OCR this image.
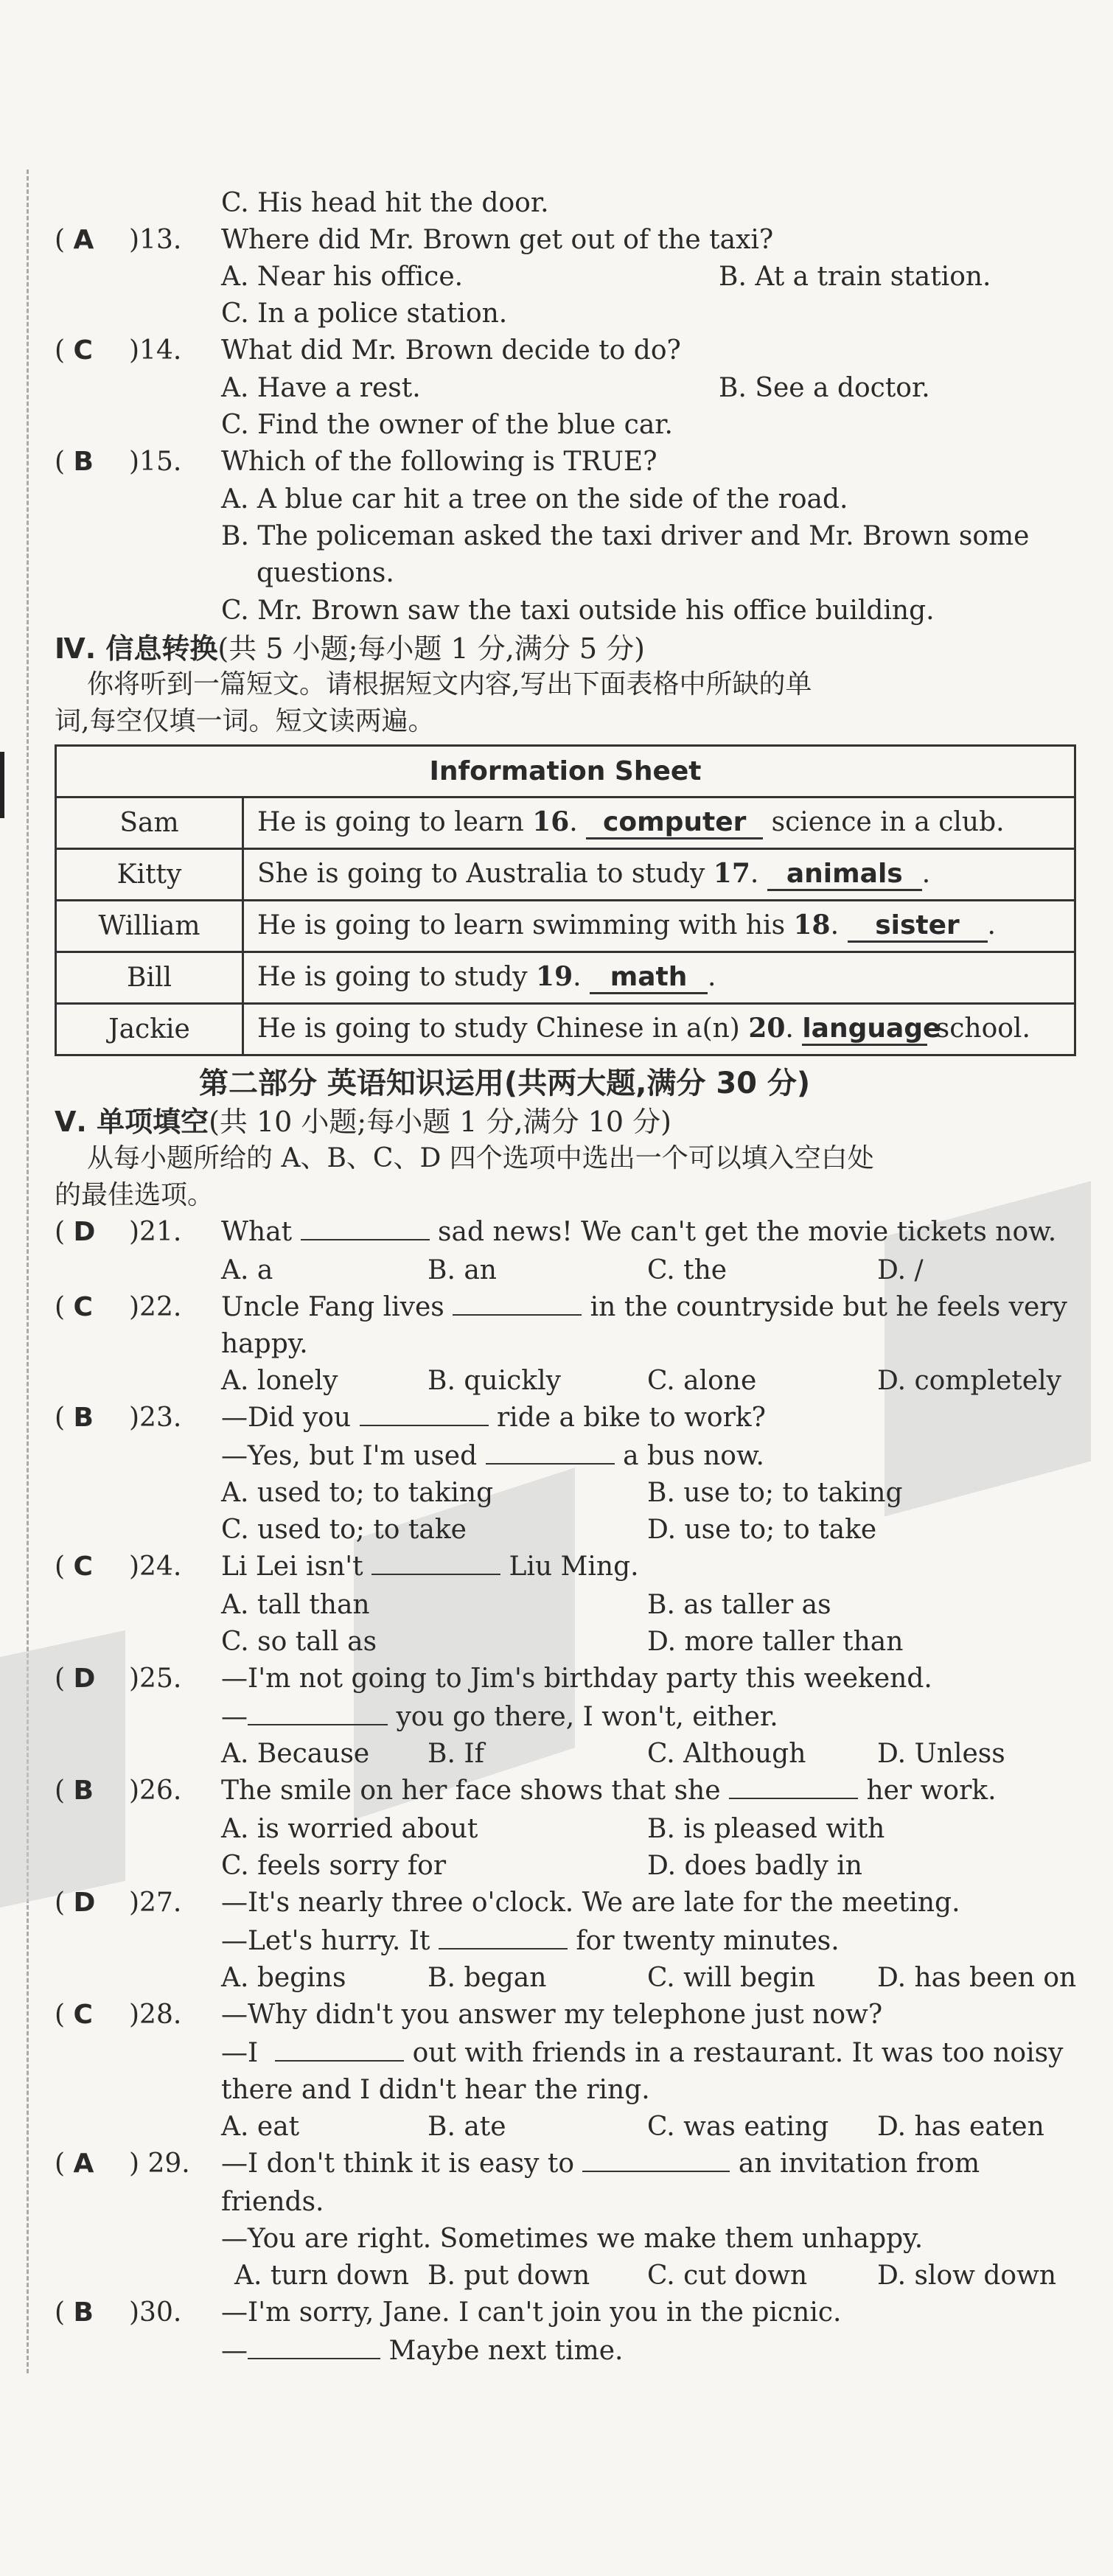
C. His head hit the door.
( A )13. Where did Mr. Brown get out of the taxi?
A. Near his office.	B. At a train station.
C. In a police station.
( C )14. What did Mr. Brown decide to do?
A. Have a rest.	B. See a doctor.
C. Find the owner of the blue car.
( B )15. Which of the following is TRUE?
A. A blue car hit a tree on the side of the road.
B. The policeman asked the taxi driver and Mr. Brown some
questions.
C. Mr. Brown saw the taxi outside his office building.
Ⅳ. 信息转换(共 5 小题;每小题 1 分,满分 5 分)
你将听到一篇短文。请根据短文内容,写出下面表格中所缺的单
词,每空仅填一词。短文读两遍。
Information Sheet	
Sam	He is going to learn 16. computer science in a club.
Kitty	She is going to Australia to study 17. animals .
William	He is going to learn swimming with his 18. sister .
Bill	He is going to study 19. math .
Jackie	He is going to study Chinese in a(n) 20. language school.
第二部分 英语知识运用(共两大题,满分 30 分)
Ⅴ. 单项填空(共 10 小题;每小题 1 分,满分 10 分)
从每小题所给的 A、B、C、D 四个选项中选出一个可以填入空白处
的最佳选项。
( D )21. What	sad news! We can't get the movie tickets now.
A. a	B. an	C. the	D. /
( C )22. Uncle Fang lives	in the countryside but he feels very
happy.
A. lonely	B. quickly	C. alone	D. completely
( B )23. —Did you	ride a bike to work?
—Yes, but I'm used	a bus now.
A. used to; to taking	B. use to; to taking
C. used to; to take	D. use to; to take
( C )24. Li Lei isn't	Liu Ming.
A. tall than	B. as taller as
C. so tall as	D. more taller than
( D )25. —I'm not going to Jim's birthday party this weekend.
—	you go there, I won't, either.
A. Because B. If	C. Although	D. Unless
( B )26. The smile on her face shows that she	her work.
A. is worried about	B. is pleased with
C. feels sorry for	D. does badly in
( D )27. —It's nearly three o'clock. We are late for the meeting.
—Let's hurry. It	for twenty minutes.
A. begins	B. began	C. will begin D. has been on
( C )28. —Why didn't you answer my telephone just now?
—I	out with friends in a restaurant. It was too noisy
there and I didn't hear the ring.
A. eat	B. ate	C. was eating D. has eaten
( A ) 29. —I don't think it is easy to	an invitation from
friends.
—You are right. Sometimes we make them unhappy.
A. turn down B. put down C. cut down	D. slow down
( B )30. —I'm sorry, Jane. I can't join you in the picnic.
—	Maybe next time.
